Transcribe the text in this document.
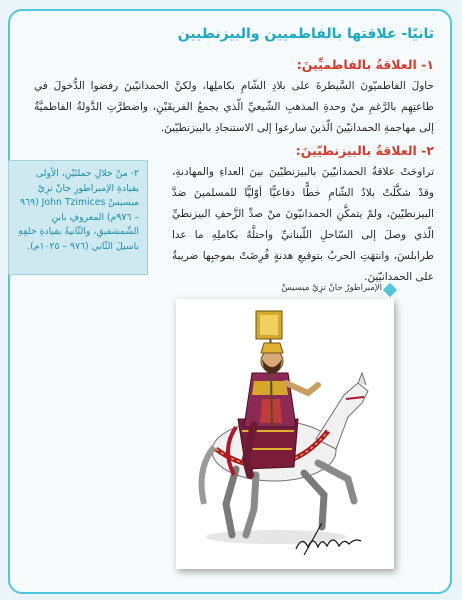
ثانيًا- علاقتها بالفاطميين والبيزنطيين
١- العلاقةُ بالفاطميِّينَ:

حاولَ الفاطميّونَ السَّيطرةَ على بلادِ الشّامِ بكاملِها، ولكنَّ الحمدانيّينَ رفضوا الدُّخولَ في طاعتِهِم بالرَّغمِ منْ وحدةِ المذهبِ الشّيعيِّ الّذي يجمعُ الفريقَيْنِ، واضطرَّتِ الدَّولةُ الفاطميَّةُ إلى مهاجمةِ الحمدانيّينَ الّذينَ سارعوا إلى الاستنجادِ بالبيزنطيّينَ.

٢- العلاقةُ بالبيزنطيّينَ:

تراوحَتْ علاقةُ الحمدانيّينَ بالبيزنطيّينَ بينَ العداءِ والمهادنةِ، وقدْ شكَّلَتْ بلادُ الشّامِ خطًّا دفاعيًّا أوّليًّا للمسلمينَ ضدَّ البيزنطيّينَ، ولمْ يتمكَّنِ الحمدانيّونَ منْ صدِّ الزَّحفِ البيزنطيِّ الّذي وصلَ إلى السّاحلِ اللّبنانيِّ واحتلَّهُ بكاملِهِ ما عدا طرابلسَ، وانتهَتِ الحربُ بتوقيعِ هدنةٍ فُرِضَتْ بموجبِها ضريبةٌ على الحمدانيّينَ.

٢- منْ خلالِ حملتَيْنِ، الأولى بقيادةِ الإمبراطورِ جانْ تزِيْ ميسيسْ John Tzimices (٩٦٩ – ٩٧٦م) المعروفِ بابنِ الشّمشقيقِ، والثّانيةُ بقيادةِ خلفِهِ باسيلَ الثّاني (٩٧٦ – ١٠٢٥م).

الإمبراطورُ جانْ تزِيْ ميسيسْ
